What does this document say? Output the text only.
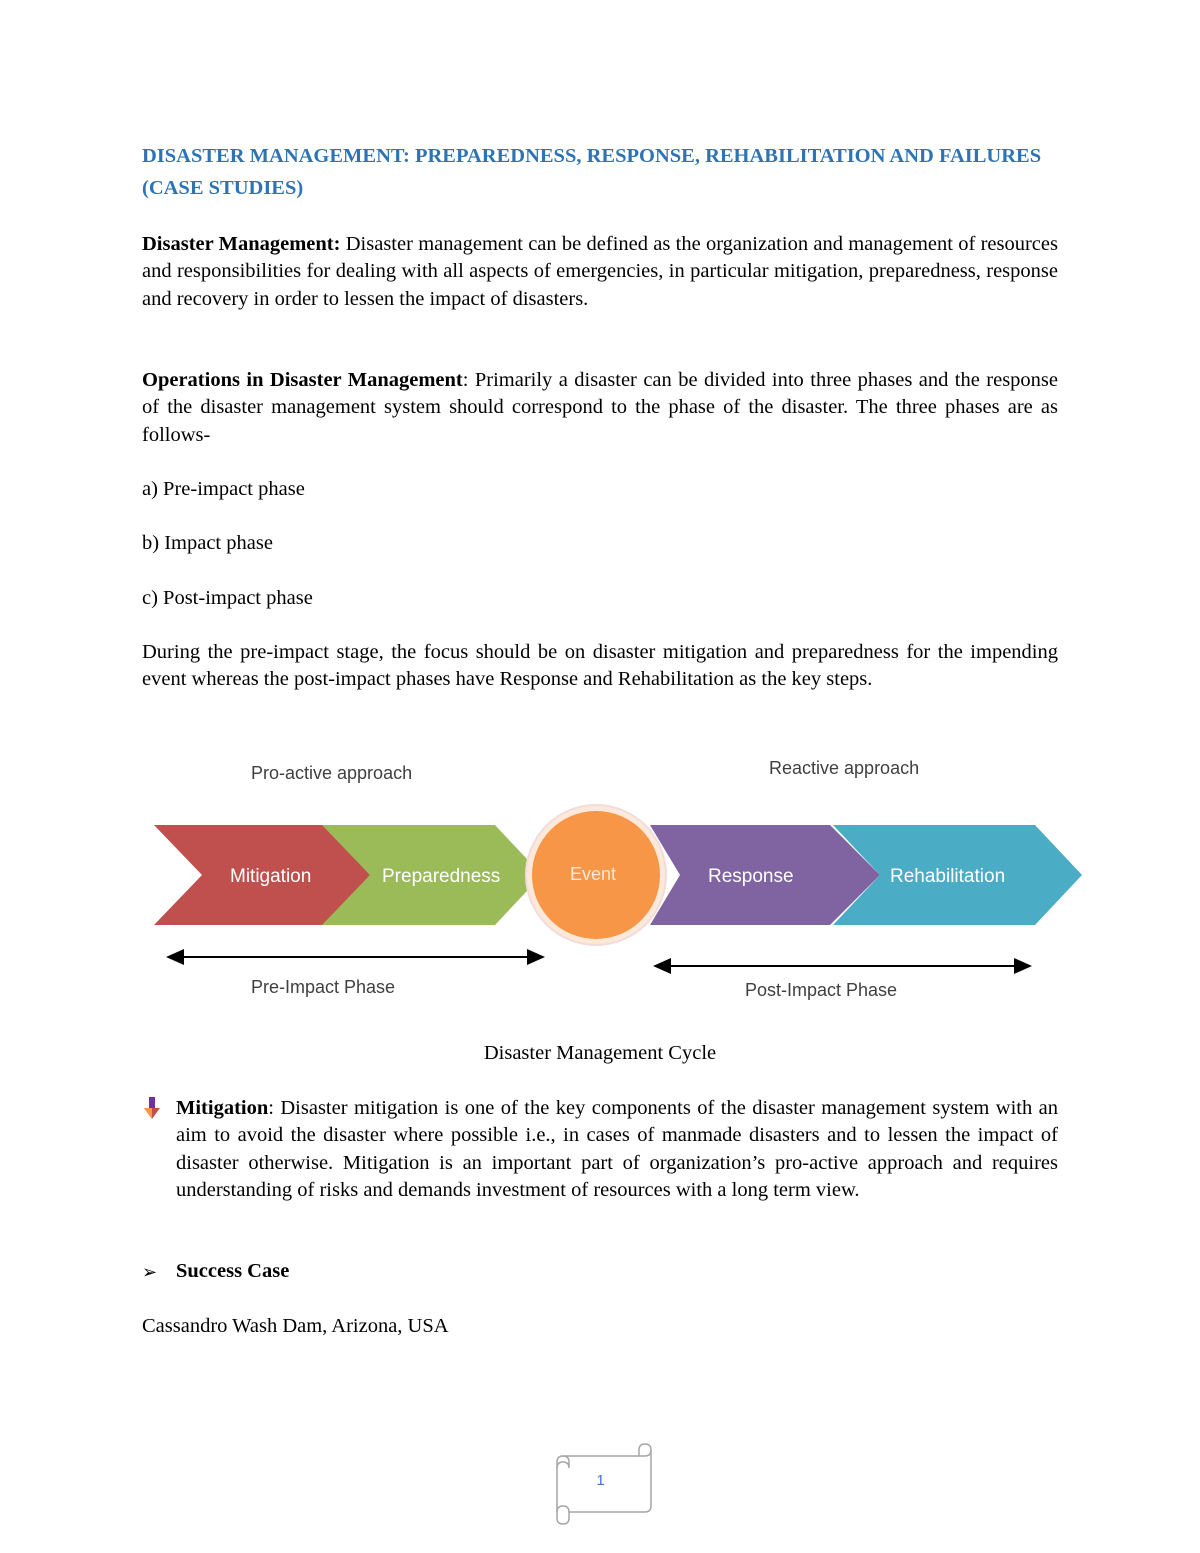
DISASTER MANAGEMENT: PREPAREDNESS, RESPONSE, REHABILITATION AND FAILURES (CASE STUDIES)

Disaster Management: Disaster management can be defined as the organization and management of resources and responsibilities for dealing with all aspects of emergencies, in particular mitigation, preparedness, response and recovery in order to lessen the impact of disasters.

Operations in Disaster Management: Primarily a disaster can be divided into three phases and the response of the disaster management system should correspond to the phase of the disaster. The three phases are as follows-

a) Pre-impact phase

b) Impact phase

c) Post-impact phase

During the pre-impact stage, the focus should be on disaster mitigation and preparedness for the impending event whereas the post-impact phases have Response and Rehabilitation as the key steps.

Pro-active approach	Reactive approach
Mitigation	Preparedness	Response	Rehabilitation
Event
Pre-Impact Phase	Post-Impact Phase

Disaster Management Cycle

Mitigation: Disaster mitigation is one of the key components of the disaster management system with an aim to avoid the disaster where possible i.e., in cases of manmade disasters and to lessen the impact of disaster otherwise. Mitigation is an important part of organization’s pro-active approach and requires understanding of risks and demands investment of resources with a long term view.

➢ Success Case

Cassandro Wash Dam, Arizona, USA

1
